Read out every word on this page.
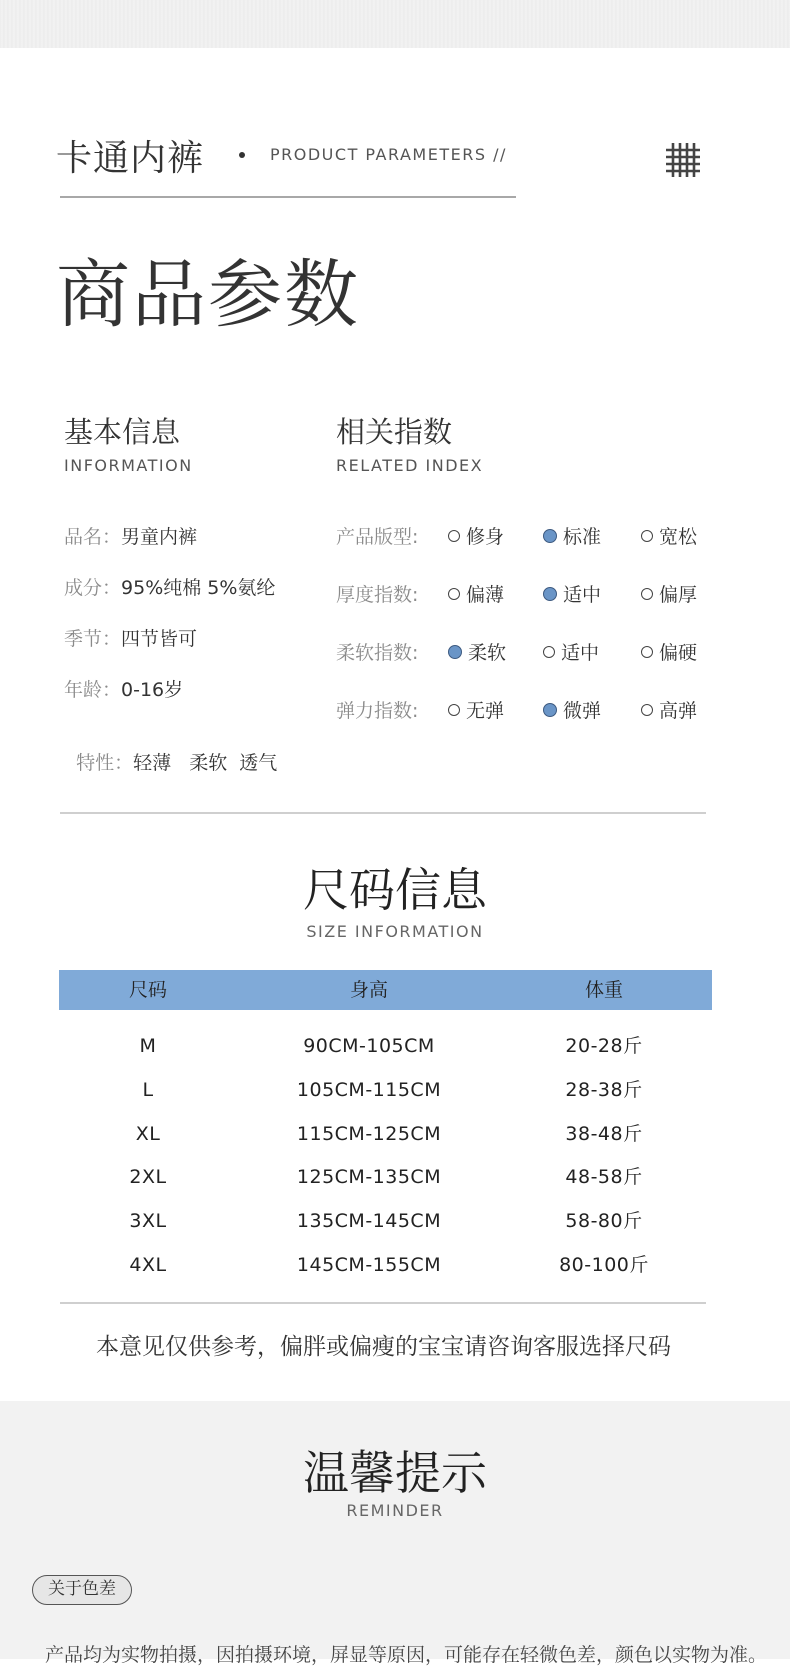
卡通内裤	PRODUCT PARAMETERS //
商品参数
基本信息
INFORMATION
品名：男童内裤
成分：95%纯棉 5%氨纶
季节：四节皆可
年龄：0-16岁

特性：轻薄   柔软  透气

相关指数
RELATED INDEX
产品版型:	修身	标准	宽松
厚度指数:	偏薄	适中	偏厚
柔软指数:	柔软	适中	偏硬
弹力指数:	无弹	微弹	高弹
尺码信息
SIZE INFORMATION
尺码	身高	体重
M	90CM-105CM	20-28斤
L	105CM-115CM	28-38斤
XL	115CM-125CM	38-48斤
2XL	125CM-135CM	48-58斤
3XL	135CM-145CM	58-80斤
4XL	145CM-155CM	80-100斤
本意见仅供参考，偏胖或偏瘦的宝宝请咨询客服选择尺码
温馨提示
REMINDER
关于色差
产品均为实物拍摄，因拍摄环境，屏显等原因，可能存在轻微色差，颜色以实物为准。
